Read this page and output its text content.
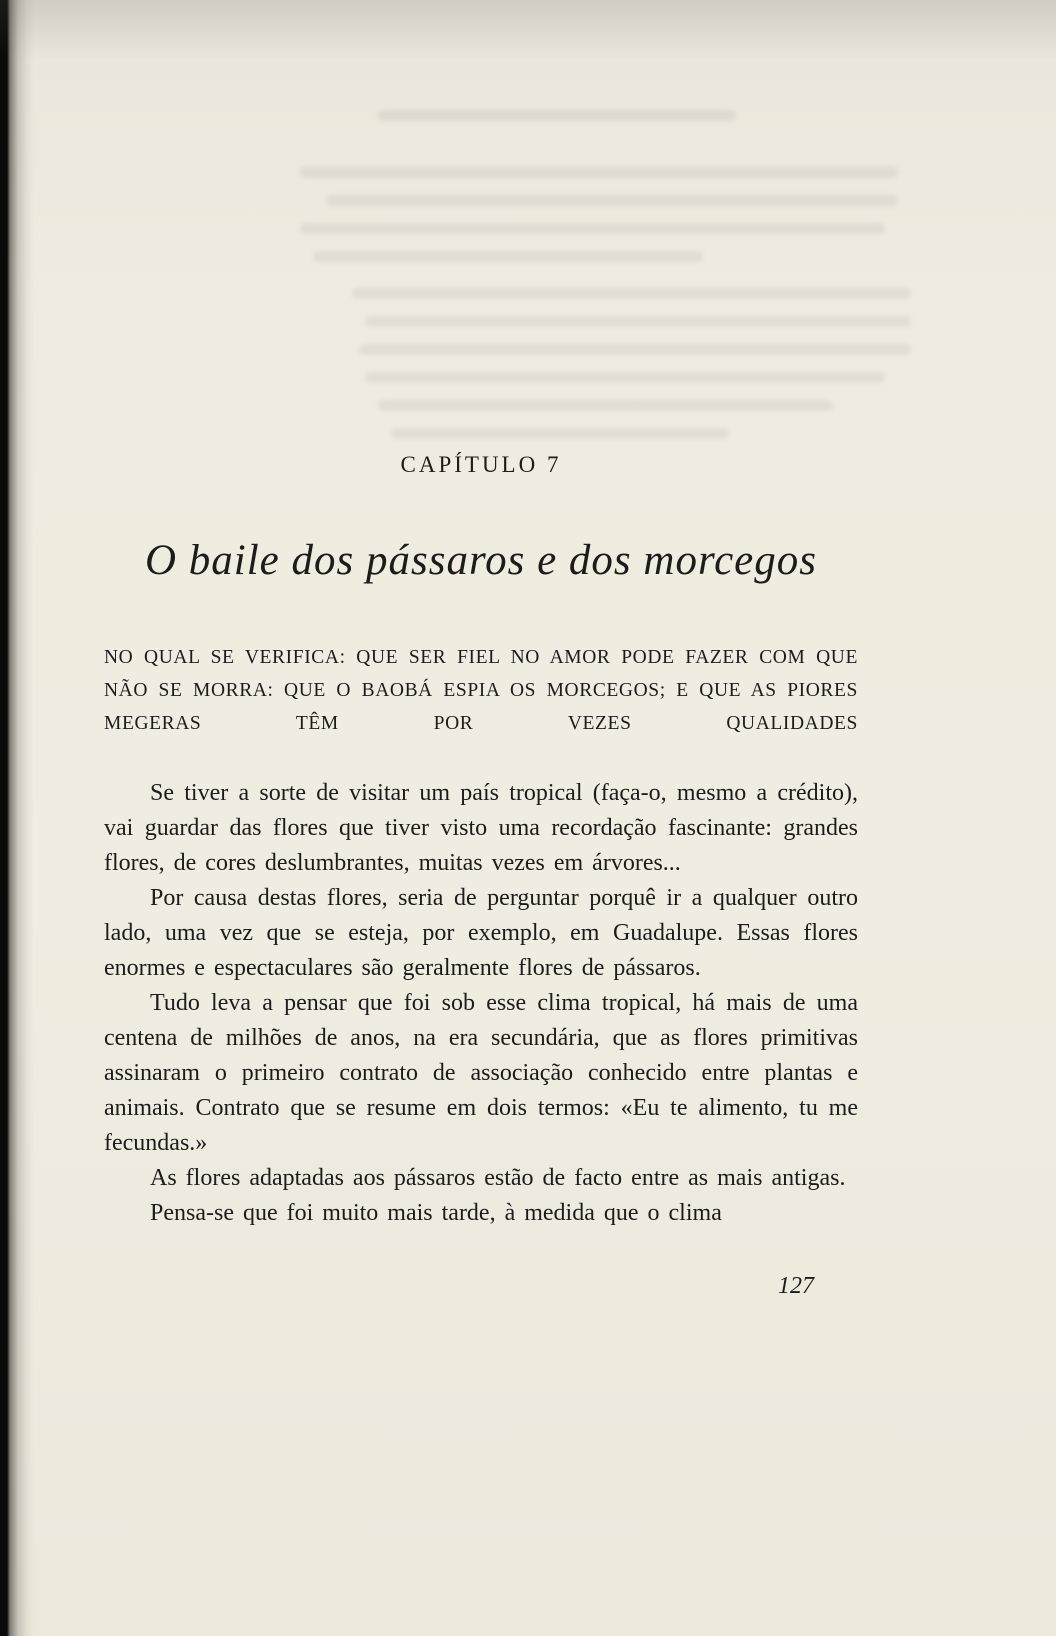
CAPÍTULO 7
O baile dos pássaros e dos morcegos

NO QUAL SE VERIFICA: QUE SER FIEL NO AMOR PODE FAZER COM QUE NÃO SE MORRA: QUE O BAOBÁ ESPIA OS MORCEGOS; E QUE AS PIORES MEGERAS TÊM POR VEZES QUALIDADES

Se tiver a sorte de visitar um país tropical (faça-o, mesmo a crédito), vai guardar das flores que tiver visto uma recordação fascinante: grandes flores, de cores deslumbrantes, muitas vezes em árvores...

Por causa destas flores, seria de perguntar porquê ir a qualquer outro lado, uma vez que se esteja, por exemplo, em Guadalupe. Essas flores enormes e espectaculares são geralmente flores de pássaros.

Tudo leva a pensar que foi sob esse clima tropical, há mais de uma centena de milhões de anos, na era secundária, que as flores primitivas assinaram o primeiro contrato de associação conhecido entre plantas e animais. Contrato que se resume em dois termos: «Eu te alimento, tu me fecundas.»

As flores adaptadas aos pássaros estão de facto entre as mais antigas.

Pensa-se que foi muito mais tarde, à medida que o clima

127
